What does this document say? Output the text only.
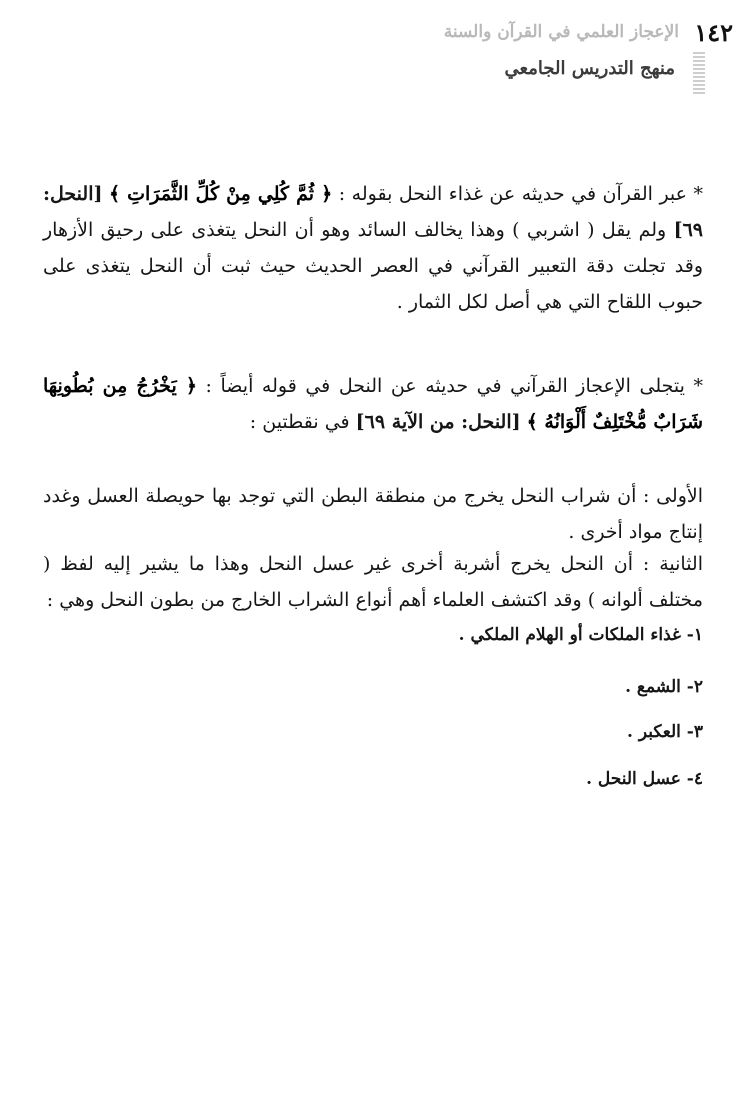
١٤٢
الإعجاز العلمي في القرآن والسنة
منهج التدريس الجامعي
* عبر القرآن في حديثه عن غذاء النحل بقوله : ﴿ ثُمَّ كُلِي مِنْ كُلِّ الثَّمَرَاتِ ﴾ [النحل: ٦٩] ولم يقل ( اشربي ) وهذا يخالف السائد وهو أن النحل يتغذى على رحيق الأزهار وقد تجلت دقة التعبير القرآني في العصر الحديث حيث ثبت أن النحل يتغذى على حبوب اللقاح التي هي أصل لكل الثمار .
* يتجلى الإعجاز القرآني في حديثه عن النحل في قوله أيضاً : ﴿ يَخْرُجُ مِن بُطُونِهَا شَرَابٌ مُّخْتَلِفٌ أَلْوَانُهُ ﴾ [النحل: من الآية ٦٩] في نقطتين :
الأولى : أن شراب النحل يخرج من منطقة البطن التي توجد بها حويصلة العسل وغدد إنتاج مواد أخرى .
الثانية : أن النحل يخرج أشربة أخرى غير عسل النحل وهذا ما يشير إليه لفظ ( مختلف ألوانه ) وقد اكتشف العلماء أهم أنواع الشراب الخارج من بطون النحل وهي :
١- غذاء الملكات أو الهلام الملكي .
٢- الشمع .
٣- العكبر .
٤- عسل النحل .
